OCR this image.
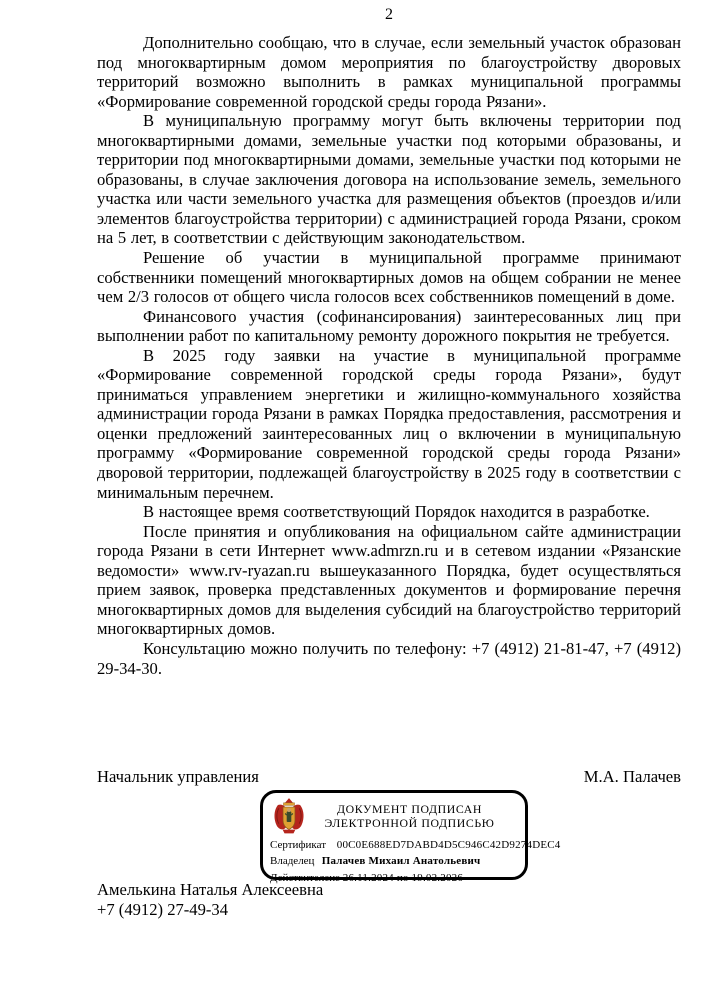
2

Дополнительно сообщаю, что в случае, если земельный участок образован под многоквартирным домом мероприятия по благоустройству дворовых территорий возможно выполнить в рамках муниципальной программы «Формирование современной городской среды города Рязани».

В муниципальную программу могут быть включены территории под многоквартирными домами, земельные участки под которыми образованы, и территории под многоквартирными домами, земельные участки под которыми не образованы, в случае заключения договора на использование земель, земельного участка или части земельного участка для размещения объектов (проездов и/или элементов благоустройства территории) с администрацией города Рязани, сроком на 5 лет, в соответствии с действующим законодательством.

Решение об участии в муниципальной программе принимают собственники помещений многоквартирных домов на общем собрании не менее чем 2/3 голосов от общего числа голосов всех собственников помещений в доме.

Финансового участия (софинансирования) заинтересованных лиц при выполнении работ по капитальному ремонту дорожного покрытия не требуется.

В 2025 году заявки на участие в муниципальной программе «Формирование современной городской среды города Рязани», будут приниматься управлением энергетики и жилищно-коммунального хозяйства администрации города Рязани в рамках Порядка предоставления, рассмотрения и оценки предложений заинтересованных лиц о включении в муниципальную программу «Формирование современной городской среды города Рязани» дворовой территории, подлежащей благоустройству в 2025 году в соответствии с минимальным перечнем.

В настоящее время соответствующий Порядок находится в разработке.

После принятия и опубликования на официальном сайте администрации города Рязани в сети Интернет www.admrzn.ru и в сетевом издании «Рязанские ведомости» www.rv-ryazan.ru вышеуказанного Порядка, будет осуществляться прием заявок, проверка представленных документов и формирование перечня многоквартирных домов для выделения субсидий на благоустройство территорий многоквартирных домов.

Консультацию можно получить по телефону: +7 (4912) 21-81-47, +7 (4912) 29-34-30.

Начальник управления	М.А. Палачев
ДОКУМЕНТ ПОДПИСАН
ЭЛЕКТРОННОЙ ПОДПИСЬЮ
Сертификат 00C0E688ED7DABD4D5C946C42D9274DEC4
Владелец Палачев Михаил Анатольевич
Действителен с 26.11.2024 по 19.02.2026
Амелькина Наталья Алексеевна
+7 (4912) 27-49-34
